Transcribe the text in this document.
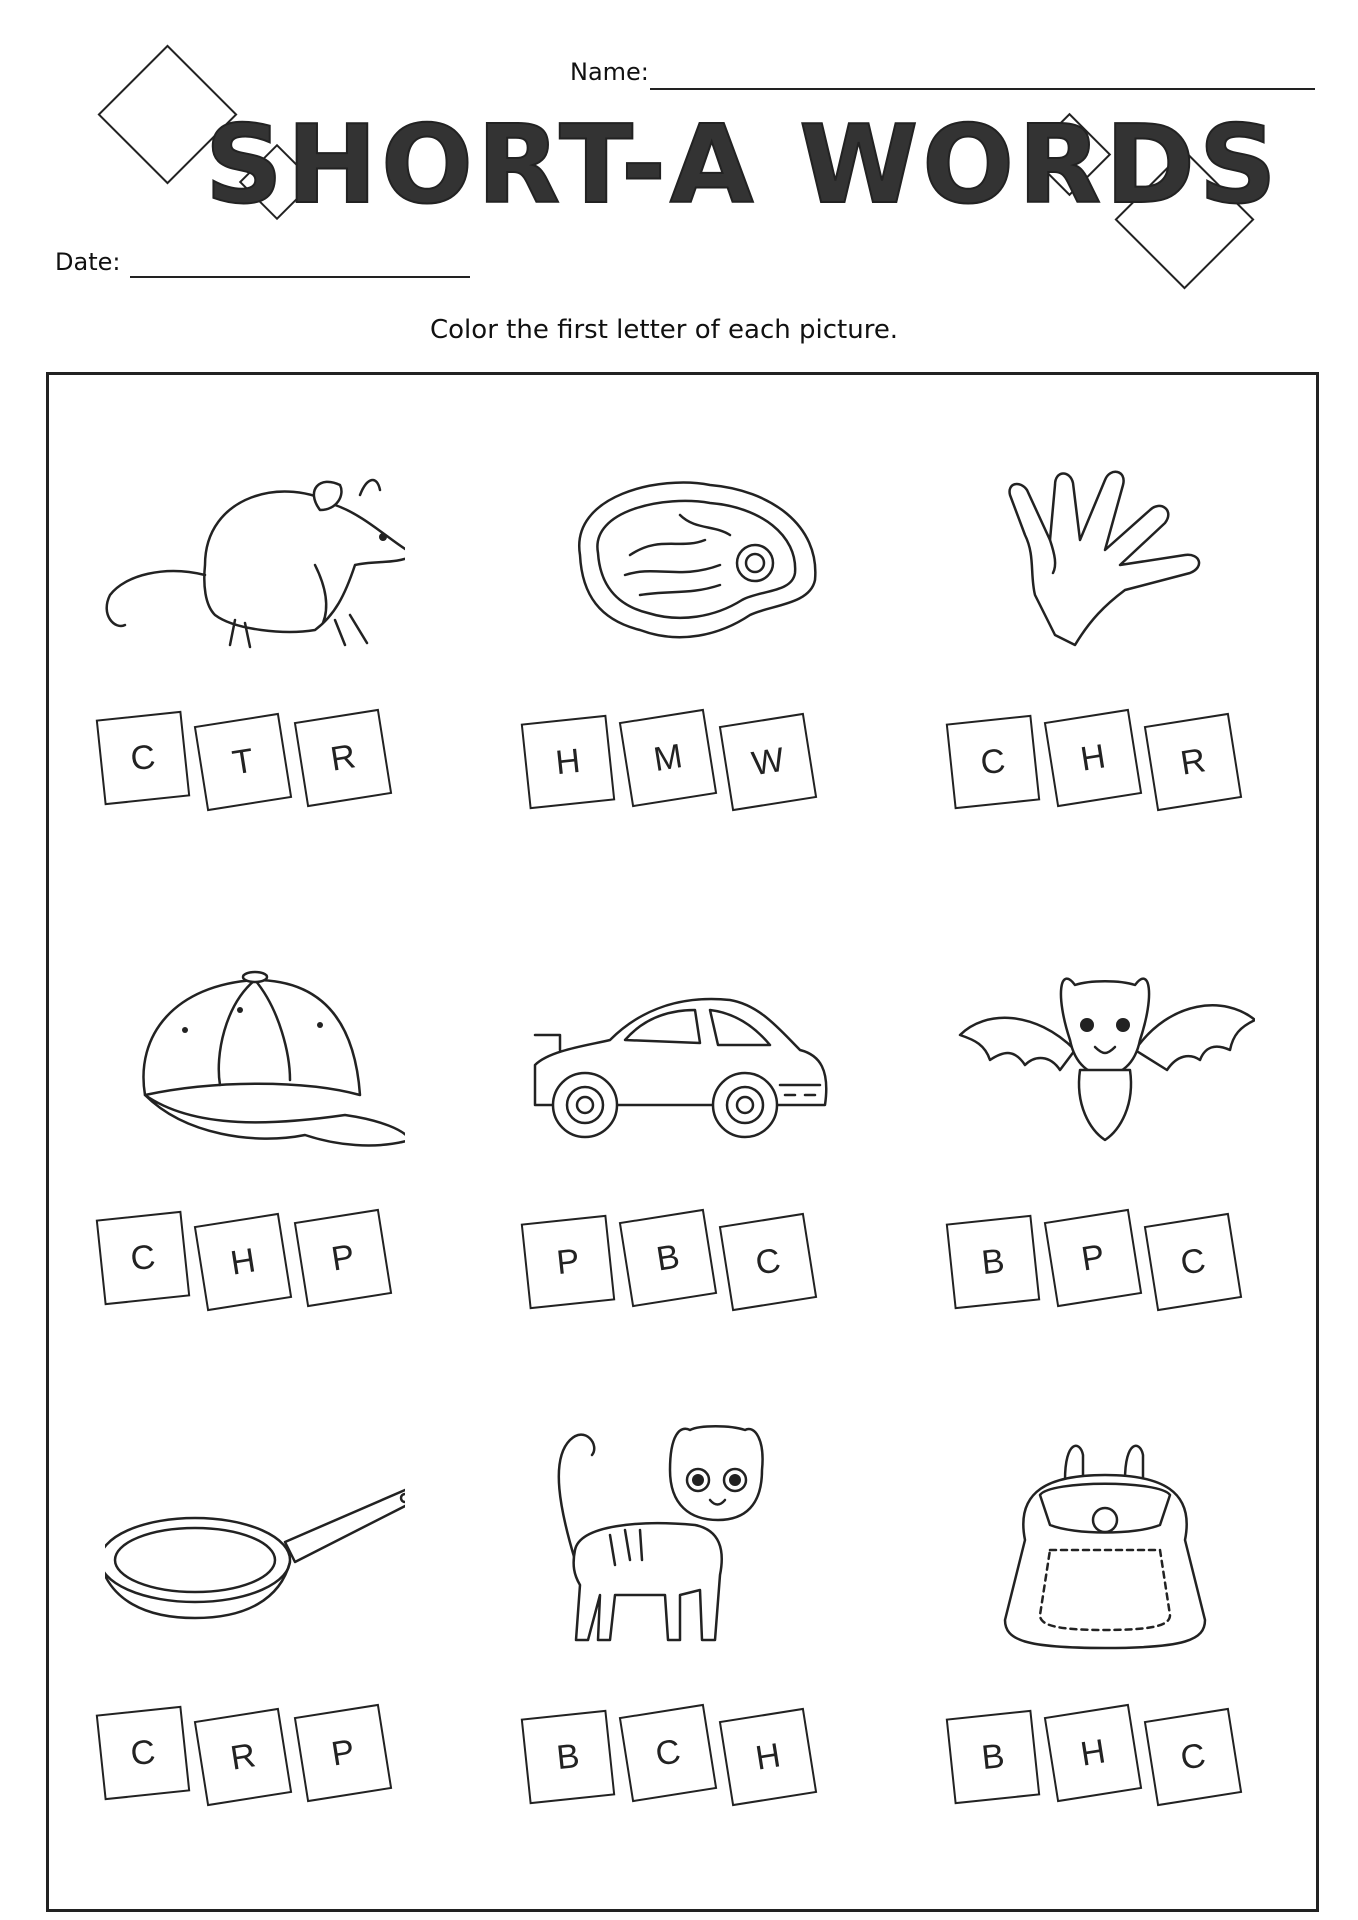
Name:
SHORT-A WORDS
Date:
Color the first letter of each picture.
C	T	R	H	M	W	C	H	R
C	H	P	P	B	C	B	P	C
C	R	P	B	C	H	B	H	C
